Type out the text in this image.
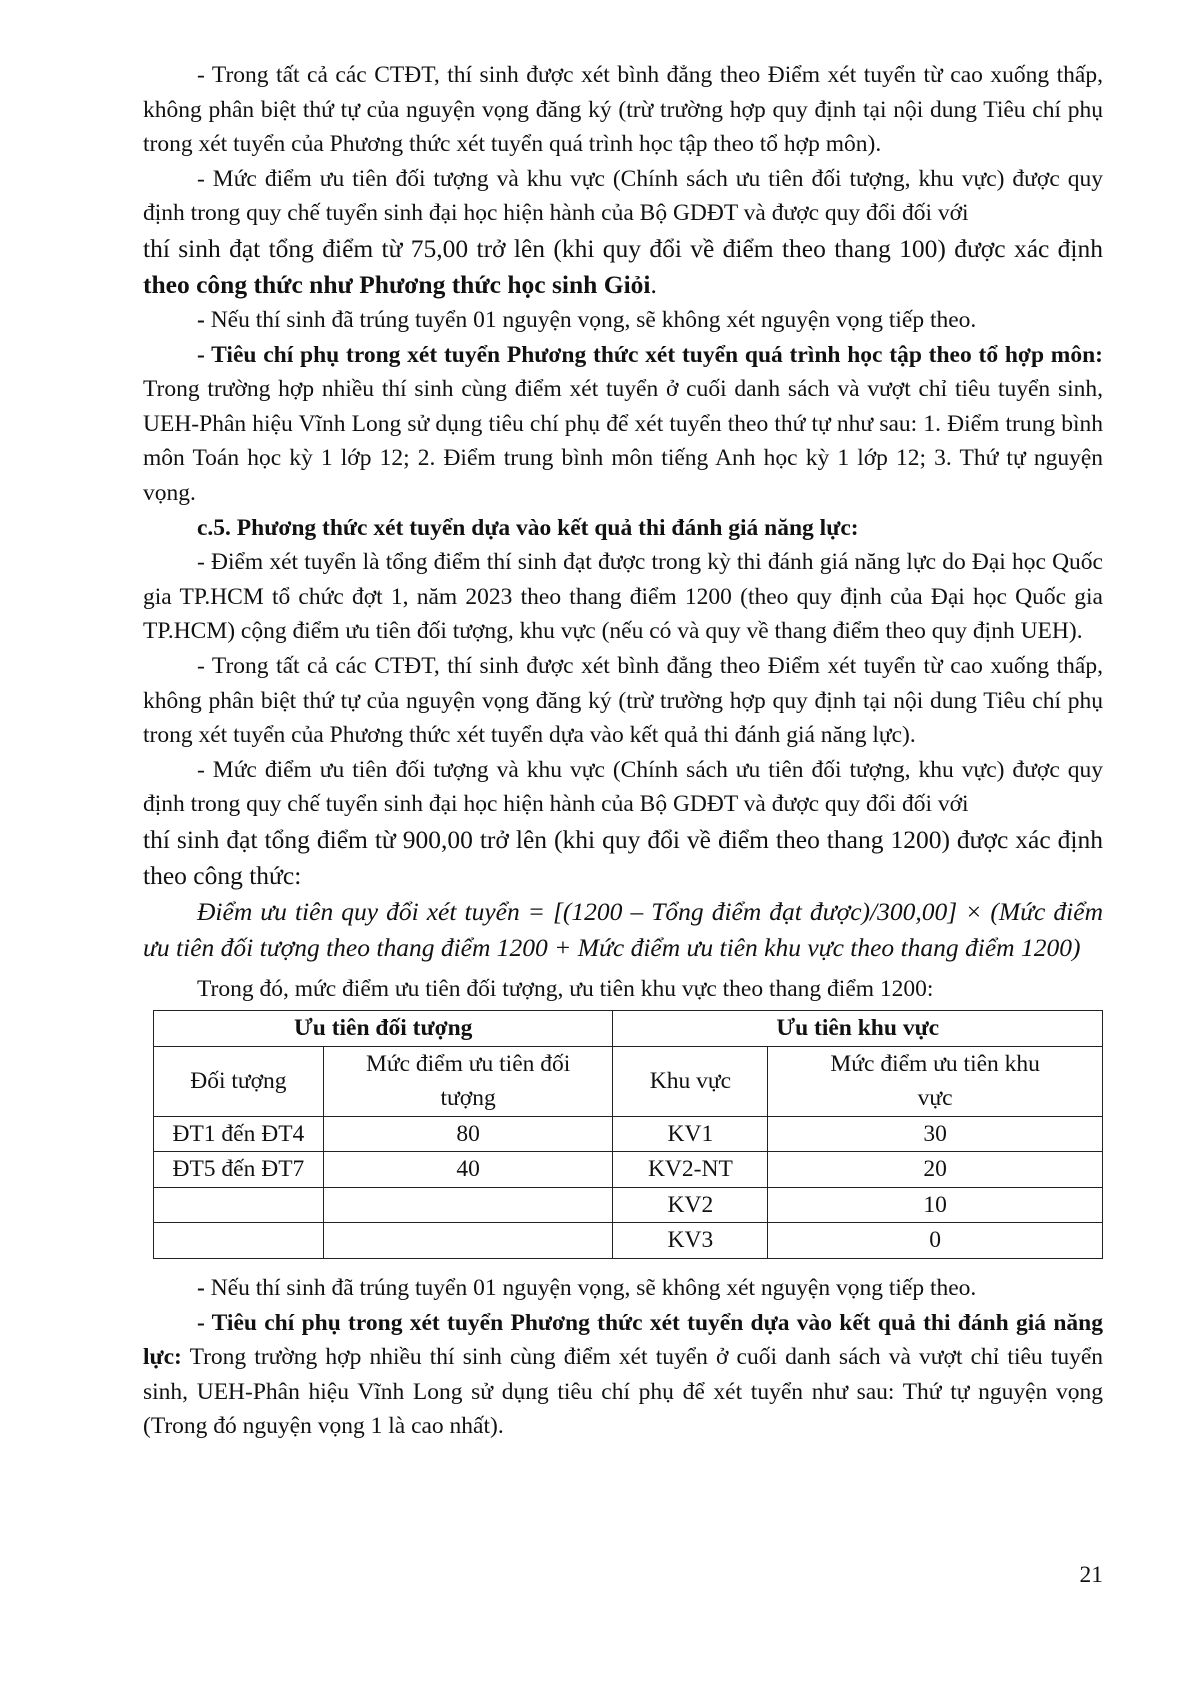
- Trong tất cả các CTĐT, thí sinh được xét bình đẳng theo Điểm xét tuyển từ cao xuống thấp, không phân biệt thứ tự của nguyện vọng đăng ký (trừ trường hợp quy định tại nội dung Tiêu chí phụ trong xét tuyển của Phương thức xét tuyển quá trình học tập theo tổ hợp môn).

- Mức điểm ưu tiên đối tượng và khu vực (Chính sách ưu tiên đối tượng, khu vực) được quy định trong quy chế tuyển sinh đại học hiện hành của Bộ GDĐT và được quy đổi đối với

thí sinh đạt tổng điểm từ 75,00 trở lên (khi quy đổi về điểm theo thang 100) được xác định theo công thức như Phương thức học sinh Giỏi.

- Nếu thí sinh đã trúng tuyển 01 nguyện vọng, sẽ không xét nguyện vọng tiếp theo.

- Tiêu chí phụ trong xét tuyển Phương thức xét tuyển quá trình học tập theo tổ hợp môn: Trong trường hợp nhiều thí sinh cùng điểm xét tuyển ở cuối danh sách và vượt chỉ tiêu tuyển sinh, UEH-Phân hiệu Vĩnh Long sử dụng tiêu chí phụ để xét tuyển theo thứ tự như sau: 1. Điểm trung bình môn Toán học kỳ 1 lớp 12; 2. Điểm trung bình môn tiếng Anh học kỳ 1 lớp 12; 3. Thứ tự nguyện vọng.

c.5. Phương thức xét tuyển dựa vào kết quả thi đánh giá năng lực:

- Điểm xét tuyển là tổng điểm thí sinh đạt được trong kỳ thi đánh giá năng lực do Đại học Quốc gia TP.HCM tổ chức đợt 1, năm 2023 theo thang điểm 1200 (theo quy định của Đại học Quốc gia TP.HCM) cộng điểm ưu tiên đối tượng, khu vực (nếu có và quy về thang điểm theo quy định UEH).

- Trong tất cả các CTĐT, thí sinh được xét bình đẳng theo Điểm xét tuyển từ cao xuống thấp, không phân biệt thứ tự của nguyện vọng đăng ký (trừ trường hợp quy định tại nội dung Tiêu chí phụ trong xét tuyển của Phương thức xét tuyển dựa vào kết quả thi đánh giá năng lực).

- Mức điểm ưu tiên đối tượng và khu vực (Chính sách ưu tiên đối tượng, khu vực) được quy định trong quy chế tuyển sinh đại học hiện hành của Bộ GDĐT và được quy đổi đối với

thí sinh đạt tổng điểm từ 900,00 trở lên (khi quy đổi về điểm theo thang 1200) được xác định theo công thức:

Điểm ưu tiên quy đổi xét tuyển = [(1200 – Tổng điểm đạt được)/300,00] × (Mức điểm ưu tiên đối tượng theo thang điểm 1200 + Mức điểm ưu tiên khu vực theo thang điểm 1200)

Trong đó, mức điểm ưu tiên đối tượng, ưu tiên khu vực theo thang điểm 1200:

Ưu tiên đối tượng		Ưu tiên khu vực	
Đối tượng	Mức điểm ưu tiên đối tượng	Khu vực	Mức điểm ưu tiên khu vực
ĐT1 đến ĐT4	80	KV1	30
ĐT5 đến ĐT7	40	KV2-NT	20
		KV2	10
		KV3	0

- Nếu thí sinh đã trúng tuyển 01 nguyện vọng, sẽ không xét nguyện vọng tiếp theo.

- Tiêu chí phụ trong xét tuyển Phương thức xét tuyển dựa vào kết quả thi đánh giá năng lực: Trong trường hợp nhiều thí sinh cùng điểm xét tuyển ở cuối danh sách và vượt chỉ tiêu tuyển sinh, UEH-Phân hiệu Vĩnh Long sử dụng tiêu chí phụ để xét tuyển như sau: Thứ tự nguyện vọng (Trong đó nguyện vọng 1 là cao nhất).

21
